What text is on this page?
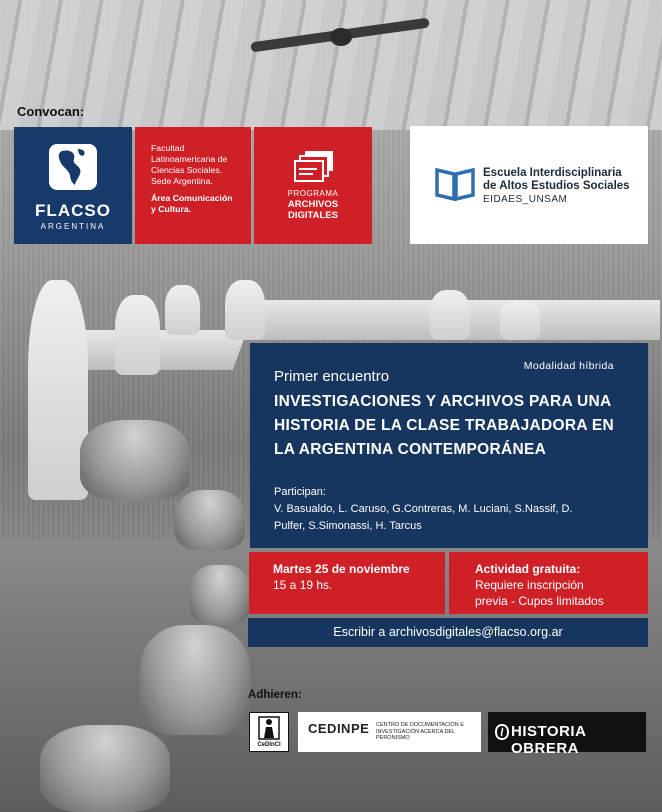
Convocan:
FLACSO
ARGENTINA
Facultad
Latinoamericana de
Ciencias Sociales.
Sede Argentina.
Área Comunicación
y Cultura.
PROGRAMA
ARCHIVOS
DIGITALES
Escuela Interdisciplinaria
de Altos Estudios Sociales
EIDAES_UNSAM
Modalidad híbrida
Primer encuentro
INVESTIGACIONES Y ARCHIVOS PARA UNA
HISTORIA DE LA CLASE TRABAJADORA EN
LA ARGENTINA CONTEMPORÁNEA
Participan:
V. Basualdo, L. Caruso, G.Contreras, M. Luciani, S.Nassif, D.
Pulfer, S.Simonassi, H. Tarcus
Martes 25 de noviembre
15 a 19 hs.
Actividad gratuita:
Requiere inscripción
previa - Cupos limitados
Escribir a archivosdigitales@flacso.org.ar
Adhieren:
CeDInCI
CEDINPE CENTRO DE DOCUMENTACIÓN E
INVESTIGACIÓN ACERCA DEL
PERONISMO	HISTORIA OBRERA
